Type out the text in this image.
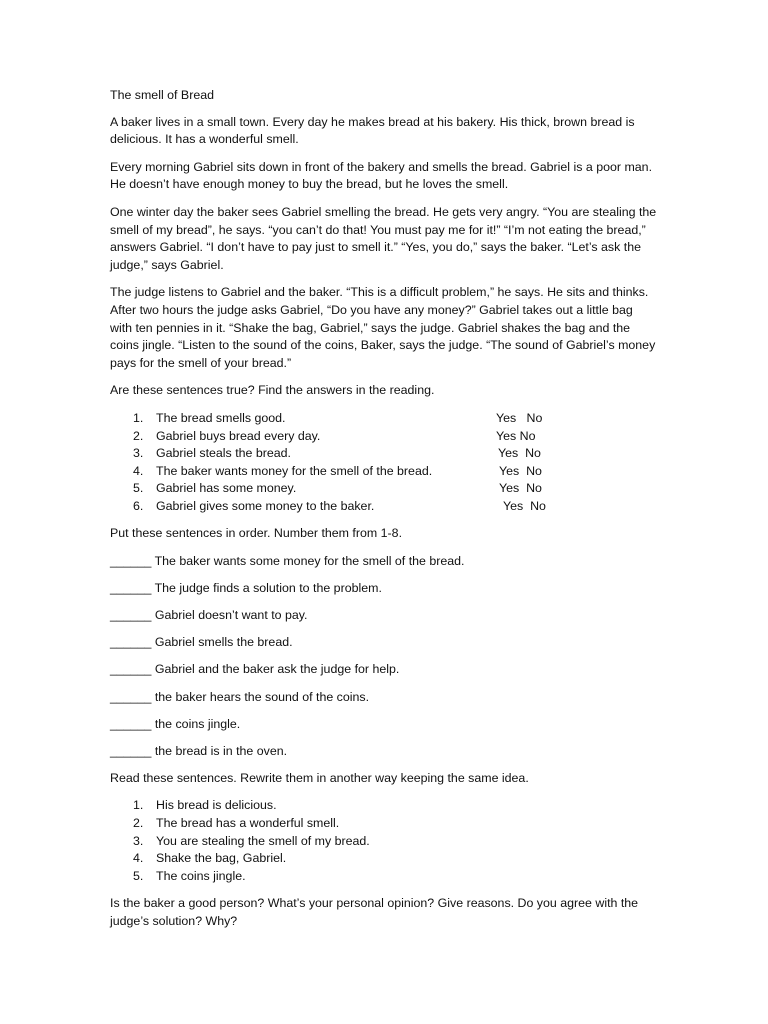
The smell of Bread

A baker lives in a small town. Every day he makes bread at his bakery. His thick, brown bread is delicious. It has a wonderful smell.

Every morning Gabriel sits down in front of the bakery and smells the bread. Gabriel is a poor man. He doesn’t have enough money to buy the bread, but he loves the smell.

One winter day the baker sees Gabriel smelling the bread. He gets very angry. “You are stealing the smell of my bread”, he says. “you can’t do that! You must pay me for it!” “I’m not eating the bread,” answers Gabriel. “I don’t have to pay just to smell it.” “Yes, you do,” says the baker. “Let’s ask the judge,” says Gabriel.

The judge listens to Gabriel and the baker. “This is a difficult problem,” he says. He sits and thinks. After two hours the judge asks Gabriel, “Do you have any money?” Gabriel takes out a little bag with ten pennies in it. “Shake the bag, Gabriel,” says the judge. Gabriel shakes the bag and the coins jingle. “Listen to the sound of the coins, Baker, says the judge. “The sound of Gabriel’s money pays for the smell of your bread.”

Are these sentences true? Find the answers in the reading.

1. The bread smells good.	Yes   No
2. Gabriel buys bread every day.	Yes No
3. Gabriel steals the bread.	Yes  No
4. The baker wants money for the smell of the bread.	Yes  No
5. Gabriel has some money.	Yes  No
6. Gabriel gives some money to the baker.	Yes  No

Put these sentences in order. Number them from 1-8.

______ The baker wants some money for the smell of the bread.

______ The judge finds a solution to the problem.

______ Gabriel doesn’t want to pay.

______ Gabriel smells the bread.

______ Gabriel and the baker ask the judge for help.

______ the baker hears the sound of the coins.

______ the coins jingle.

______ the bread is in the oven.

Read these sentences. Rewrite them in another way keeping the same idea.

1. His bread is delicious.
2. The bread has a wonderful smell.
3. You are stealing the smell of my bread.
4. Shake the bag, Gabriel.
5. The coins jingle.

Is the baker a good person? What’s your personal opinion? Give reasons. Do you agree with the judge’s solution? Why?
